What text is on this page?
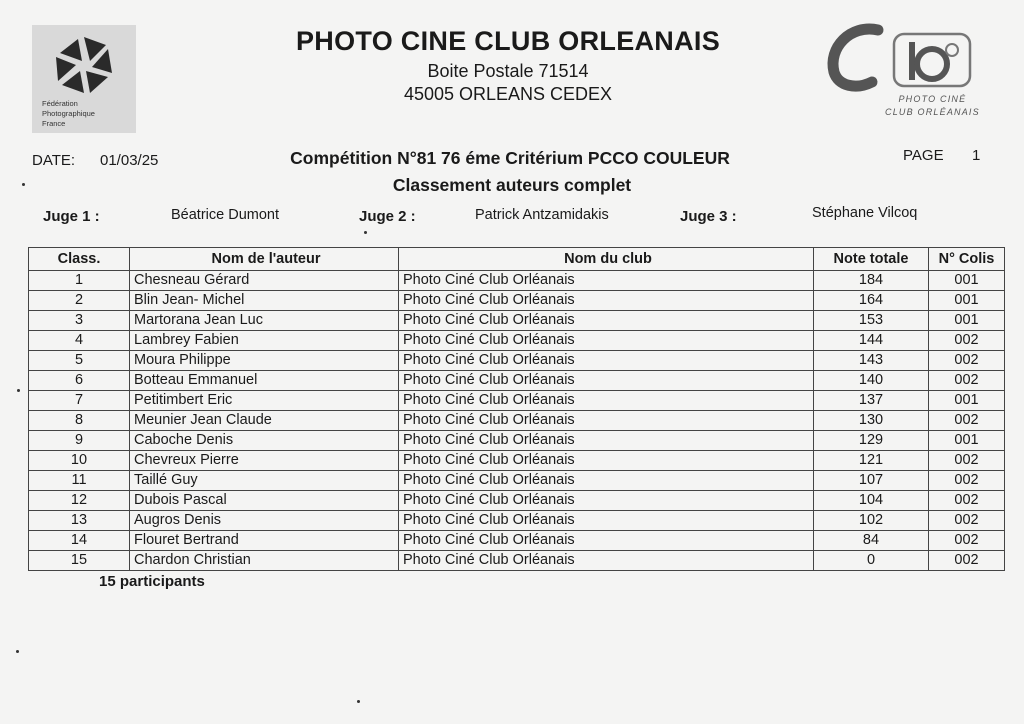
Fédération
Photographique
France
PHOTO CINE CLUB ORLEANAIS
Boite Postale 71514
45005 ORLEANS CEDEX	PHOTO CINÉ
CLUB ORLÉANAIS
DATE: 01/03/25	Compétition N°81 76 éme Critérium PCCO COULEUR
Classement auteurs complet
PAGE 1
Juge 1 :	Béatrice Dumont	Juge 2 :	Patrick Antzamidakis	Juge 3 :	Stéphane Vilcoq
Class.	Nom de l'auteur	Nom du club	Note totale	N° Colis
1	Chesneau Gérard	Photo Ciné Club Orléanais	184	001
2	Blin Jean- Michel	Photo Ciné Club Orléanais	164	001
3	Martorana Jean Luc	Photo Ciné Club Orléanais	153	001
4	Lambrey Fabien	Photo Ciné Club Orléanais	144	002
5	Moura Philippe	Photo Ciné Club Orléanais	143	002
6	Botteau Emmanuel	Photo Ciné Club Orléanais	140	002
7	Petitimbert Eric	Photo Ciné Club Orléanais	137	001
8	Meunier Jean Claude	Photo Ciné Club Orléanais	130	002
9	Caboche Denis	Photo Ciné Club Orléanais	129	001
10	Chevreux Pierre	Photo Ciné Club Orléanais	121	002
11	Taillé Guy	Photo Ciné Club Orléanais	107	002
12	Dubois Pascal	Photo Ciné Club Orléanais	104	002
13	Augros Denis	Photo Ciné Club Orléanais	102	002
14	Flouret Bertrand	Photo Ciné Club Orléanais	84	002
15	Chardon Christian	Photo Ciné Club Orléanais	0	002
15 participants
